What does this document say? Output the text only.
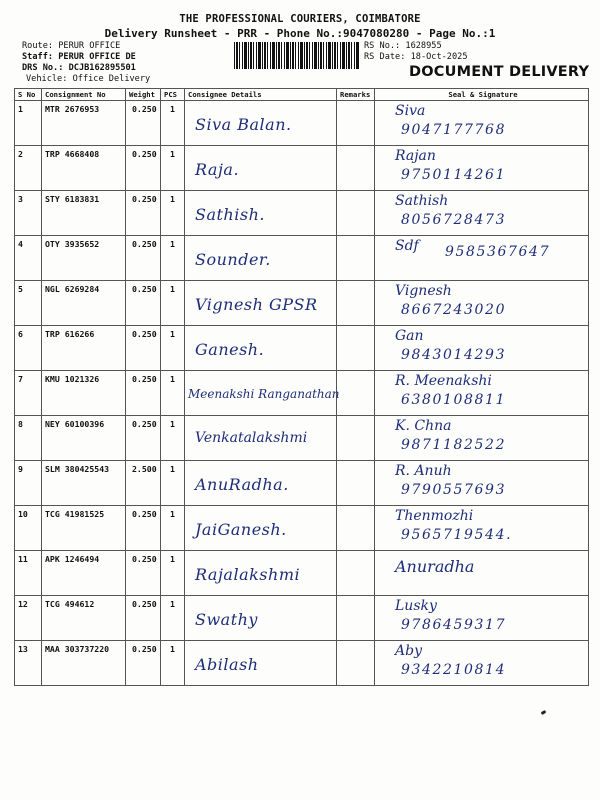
THE PROFESSIONAL COURIERS, COIMBATORE
Delivery Runsheet - PRR - Phone No.:9047080280 - Page No.:1
Route: PERUR OFFICE
Staff: PERUR OFFICE DE
DRS No.: DCJB162895501
Vehicle: Office Delivery
RS No.: 1628955
RS Date: 18-Oct-2025
DOCUMENT DELIVERY
S No	Consignment No	Weight	PCS	Consignee Details	Remarks	Seal & Signature
1	MTR 2676953	0.250	1	Siva Balan.		Siva
9047177768

2	TRP 4668408	0.250	1	Raja.		Rajan
9750114261

3	STY 6183831	0.250	1	Sathish.		Sathish
8056728473

4	OTY 3935652	0.250	1	Sounder.		Sdf 9585367647

5	NGL 6269284	0.250	1	Vignesh GPSR		Vignesh
8667243020

6	TRP 616266	0.250	1	Ganesh.		Gan
9843014293

7	KMU 1021326	0.250	1	Meenakshi Ranganathan		R. Meenakshi
6380108811

8	NEY 60100396	0.250	1	Venkatalakshmi		K. Chna
9871182522

9	SLM 380425543	2.500	1	AnuRadha.		R. Anuh
9790557693

10	TCG 41981525	0.250	1	JaiGanesh.		Thenmozhi
9565719544.

11	APK 1246494	0.250	1	Rajalakshmi		Anuradha

12	TCG 494612	0.250	1	Swathy		Lusky
9786459317

13	MAA 303737220	0.250	1	Abilash		Aby
9342210814
